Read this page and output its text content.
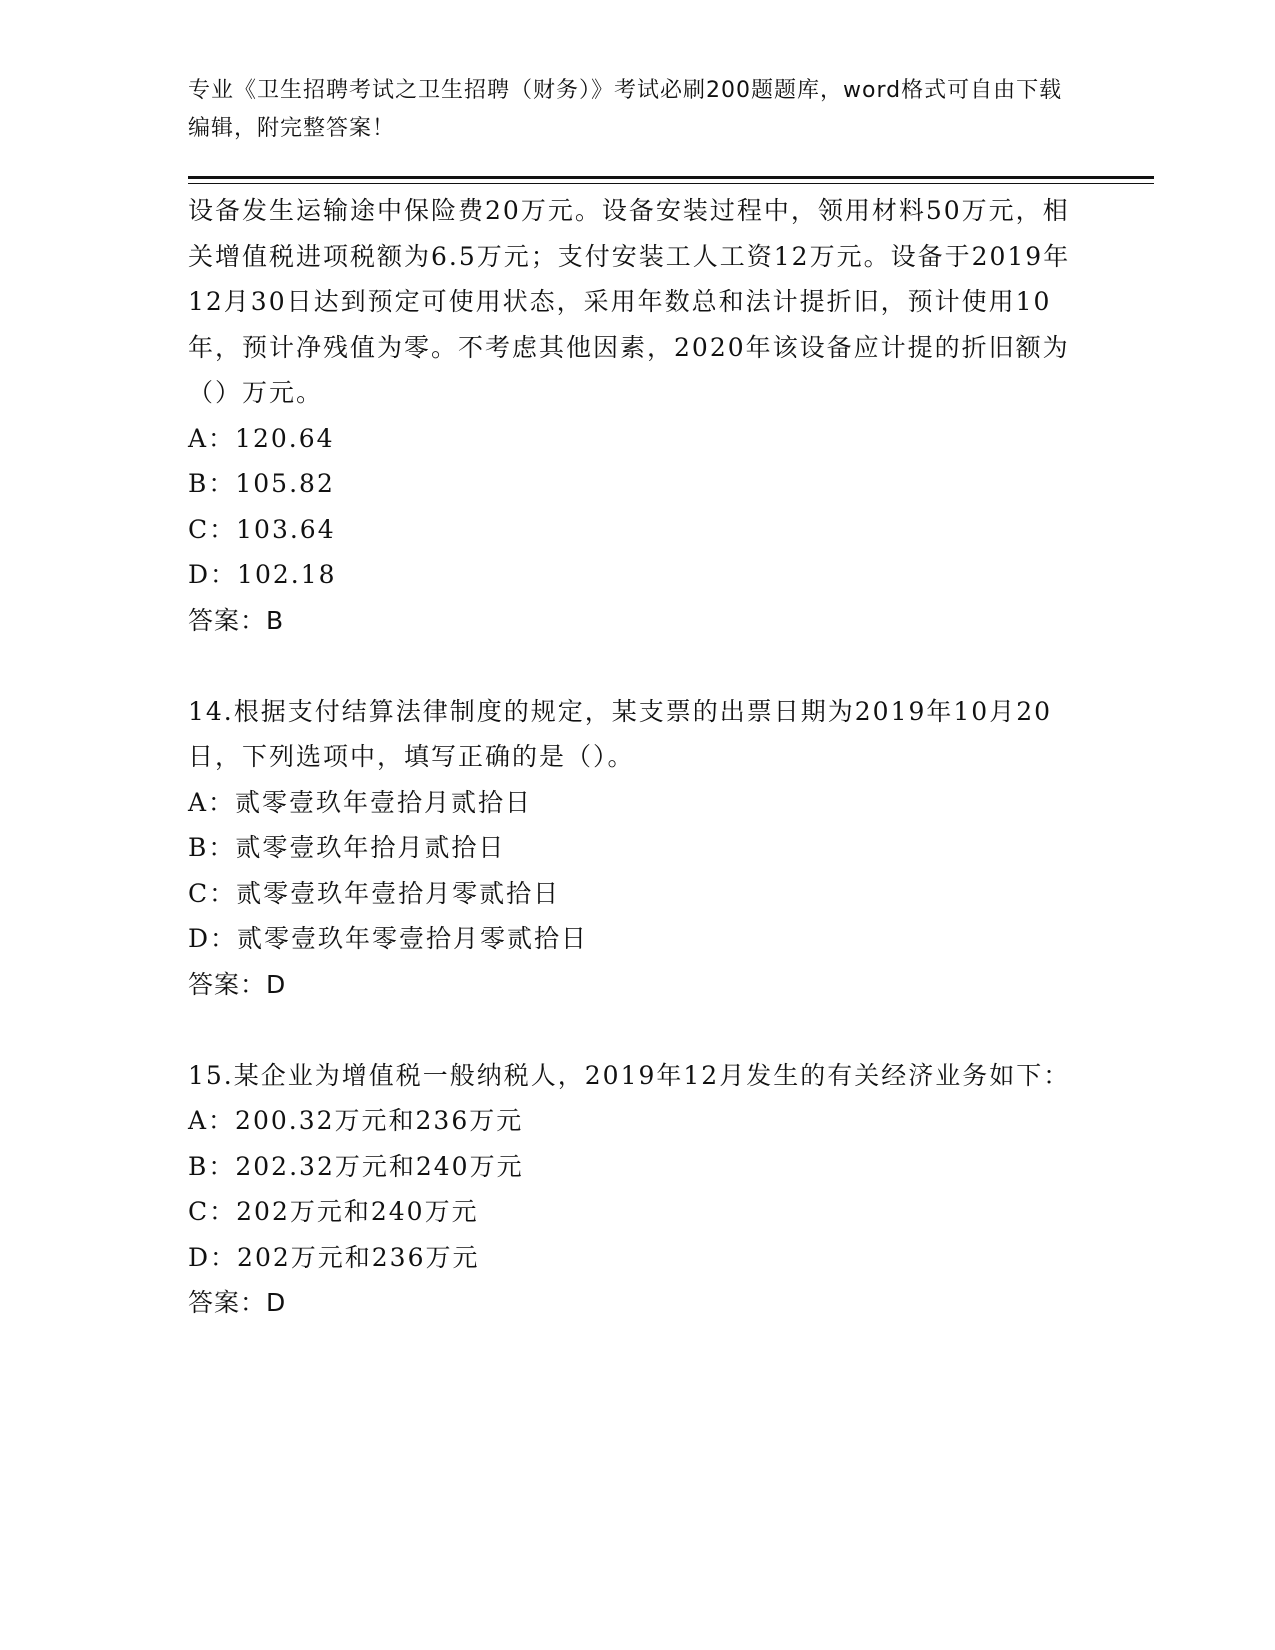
专业《卫生招聘考试之卫生招聘（财务）》考试必刷200题题库，word格式可自由下载编辑，附完整答案！

设备发生运输途中保险费20万元。设备安装过程中，领用材料50万元，相关增值税进项税额为6.5万元；支付安装工人工资12万元。设备于2019年12月30日达到预定可使用状态，采用年数总和法计提折旧，预计使用10年，预计净残值为零。不考虑其他因素，2020年该设备应计提的折旧额为（）万元。

A：120.64

B：105.82

C：103.64

D：102.18

答案：B

14.根据支付结算法律制度的规定，某支票的出票日期为2019年10月20日，下列选项中，填写正确的是（）。

A：贰零壹玖年壹拾月贰拾日

B：贰零壹玖年拾月贰拾日

C：贰零壹玖年壹拾月零贰拾日

D：贰零壹玖年零壹拾月零贰拾日

答案：D

15.某企业为增值税一般纳税人，2019年12月发生的有关经济业务如下：

A：200.32万元和236万元

B：202.32万元和240万元

C：202万元和240万元

D：202万元和236万元

答案：D
